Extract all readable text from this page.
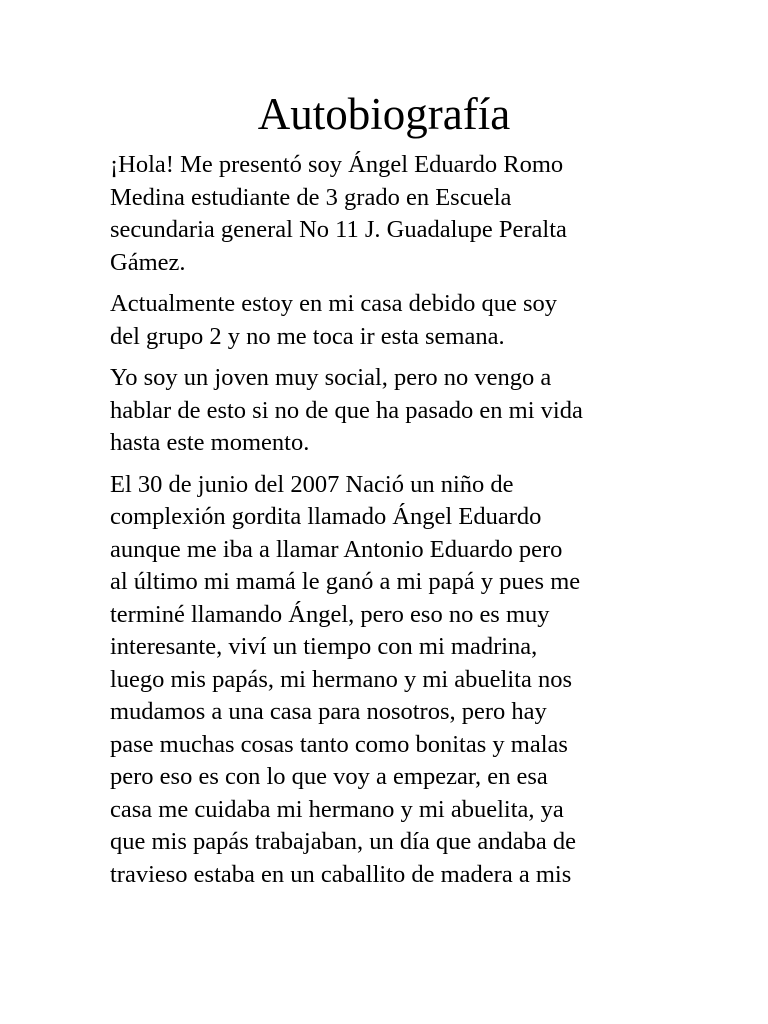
Autobiografía

¡Hola! Me presentó soy Ángel Eduardo Romo
Medina estudiante de 3 grado en Escuela
secundaria general No 11 J. Guadalupe Peralta
Gámez.

Actualmente estoy en mi casa debido que soy
del grupo 2 y no me toca ir esta semana.

Yo soy un joven muy social, pero no vengo a
hablar de esto si no de que ha pasado en mi vida
hasta este momento.

El 30 de junio del 2007 Nació un niño de
complexión gordita llamado Ángel Eduardo
aunque me iba a llamar Antonio Eduardo pero
al último mi mamá le ganó a mi papá y pues me
terminé llamando Ángel, pero eso no es muy
interesante, viví un tiempo con mi madrina,
luego mis papás, mi hermano y mi abuelita nos
mudamos a una casa para nosotros, pero hay
pase muchas cosas tanto como bonitas y malas
pero eso es con lo que voy a empezar, en esa
casa me cuidaba mi hermano y mi abuelita, ya
que mis papás trabajaban, un día que andaba de
travieso estaba en un caballito de madera a mis
